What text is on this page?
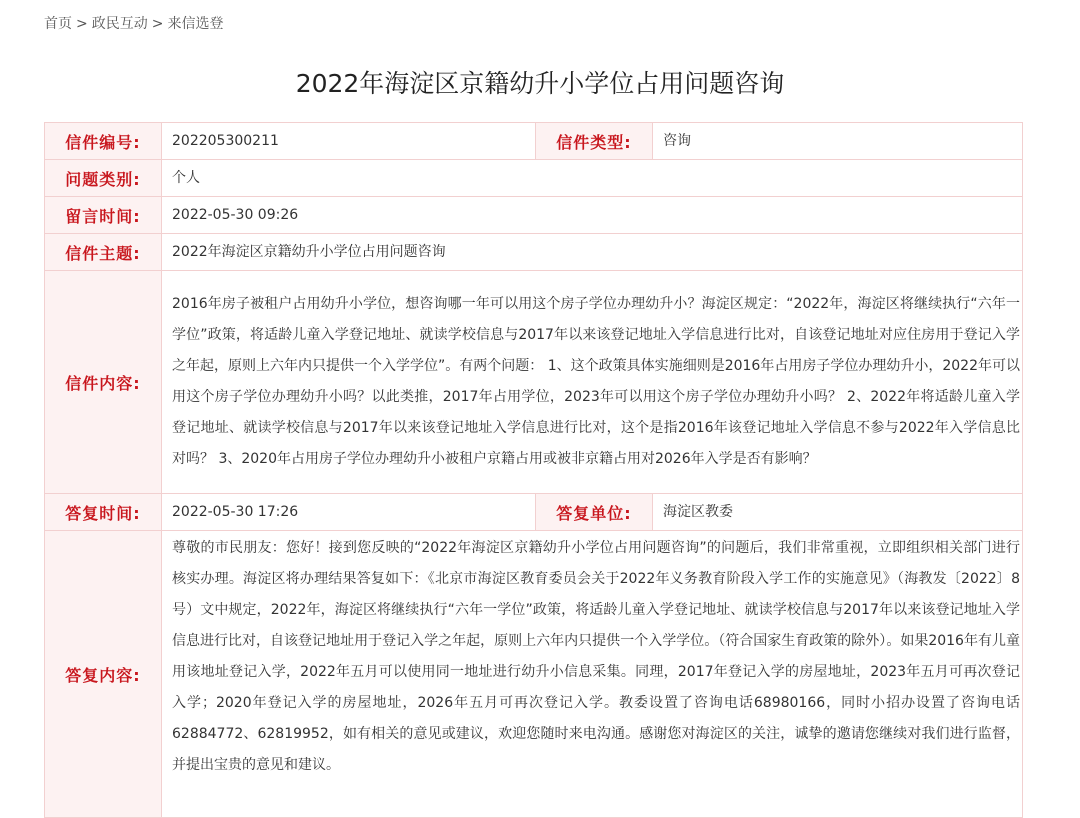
首页 > 政民互动 > 来信选登
2022年海淀区京籍幼升小学位占用问题咨询
信件编号:	202205300211	信件类型:	咨询
问题类别:	个人		
留言时间:	2022-05-30 09:26		
信件主题:	2022年海淀区京籍幼升小学位占用问题咨询		
信件内容:	2016年房子被租户占用幼升小学位，想咨询哪一年可以用这个房子学位办理幼升小？海淀区规定：“2022年，海淀区将继续执行“六年一学位”政策，将适龄儿童入学登记地址、就读学校信息与2017年以来该登记地址入学信息进行比对，自该登记地址对应住房用于登记入学之年起，原则上六年内只提供一个入学学位”。有两个问题： 1、这个政策具体实施细则是2016年占用房子学位办理幼升小，2022年可以用这个房子学位办理幼升小吗？以此类推，2017年占用学位，2023年可以用这个房子学位办理幼升小吗？ 2、2022年将适龄儿童入学登记地址、就读学校信息与2017年以来该登记地址入学信息进行比对，这个是指2016年该登记地址入学信息不参与2022年入学信息比对吗？ 3、2020年占用房子学位办理幼升小被租户京籍占用或被非京籍占用对2026年入学是否有影响？		
答复时间:	2022-05-30 17:26	答复单位:	海淀区教委
答复内容:	尊敬的市民朋友：您好！接到您反映的“2022年海淀区京籍幼升小学位占用问题咨询”的问题后，我们非常重视，立即组织相关部门进行核实办理。海淀区将办理结果答复如下：《北京市海淀区教育委员会关于2022年义务教育阶段入学工作的实施意见》（海教发〔2022〕8号）文中规定，2022年，海淀区将继续执行“六年一学位”政策，将适龄儿童入学登记地址、就读学校信息与2017年以来该登记地址入学信息进行比对，自该登记地址用于登记入学之年起，原则上六年内只提供一个入学学位。（符合国家生育政策的除外）。如果2016年有儿童用该地址登记入学，2022年五月可以使用同一地址进行幼升小信息采集。同理，2017年登记入学的房屋地址，2023年五月可再次登记入学；2020年登记入学的房屋地址，2026年五月可再次登记入学。教委设置了咨询电话68980166，同时小招办设置了咨询电话62884772、62819952，如有相关的意见或建议，欢迎您随时来电沟通。感谢您对海淀区的关注，诚挚的邀请您继续对我们进行监督，并提出宝贵的意见和建议。		
